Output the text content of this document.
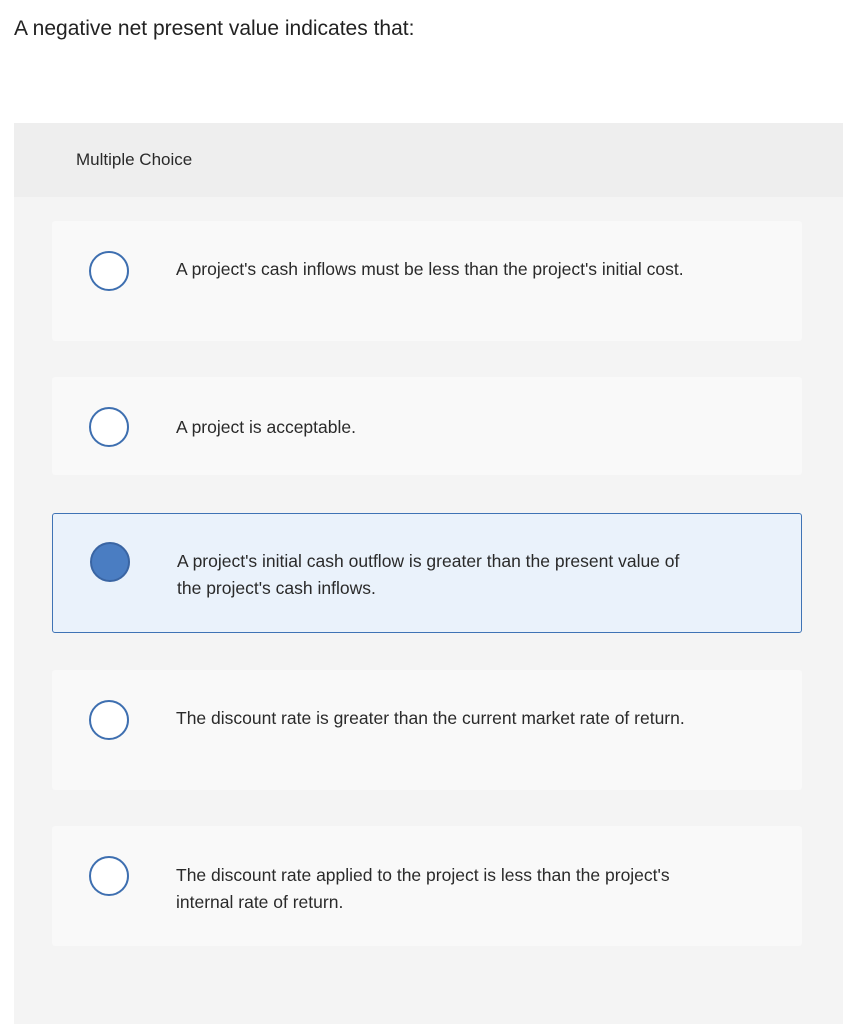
A negative net present value indicates that:
Multiple Choice
A project's cash inflows must be less than the project's initial cost.
A project is acceptable.
A project's initial cash outflow is greater than the present value of the project's cash inflows.
The discount rate is greater than the current market rate of return.
The discount rate applied to the project is less than the project's internal rate of return.
